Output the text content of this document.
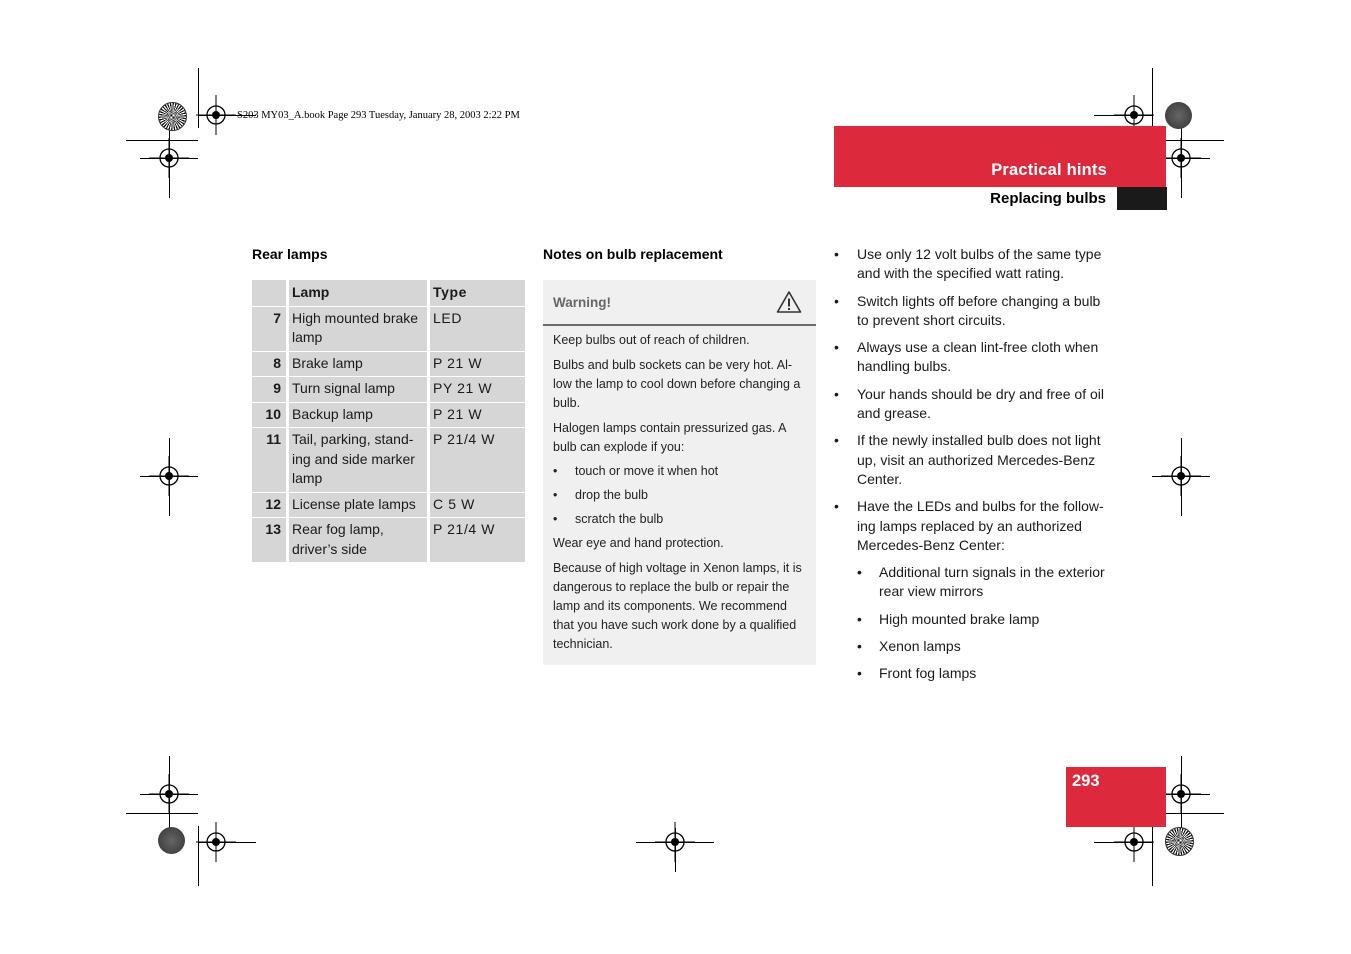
S203 MY03_A.book Page 293 Tuesday, January 28, 2003 2:22 PM
Practical hints
Replacing bulbs
Rear lamps
	Lamp	Type
7	High mounted brake lamp	LED
8	Brake lamp	P 21 W
9	Turn signal lamp	PY 21 W
10	Backup lamp	P 21 W
11	Tail, parking, stand-ing and side marker lamp	P 21/4 W
12	License plate lamps	C 5 W
13	Rear fog lamp, driver’s side	P 21/4 W
Notes on bulb replacement
Warning!

Keep bulbs out of reach of children.

Bulbs and bulb sockets can be very hot. Al-low the lamp to cool down before changing a bulb.

Halogen lamps contain pressurized gas. A bulb can explode if you:

• touch or move it when hot
• drop the bulb
• scratch the bulb

Wear eye and hand protection.

Because of high voltage in Xenon lamps, it is dangerous to replace the bulb or repair the lamp and its components. We recommend that you have such work done by a qualified technician.

• Use only 12 volt bulbs of the same type and with the specified watt rating.
• Switch lights off before changing a bulb to prevent short circuits.
• Always use a clean lint-free cloth when handling bulbs.
• Your hands should be dry and free of oil and grease.
• If the newly installed bulb does not light up, visit an authorized Mercedes-Benz Center.
• Have the LEDs and bulbs for the follow-ing lamps replaced by an authorized Mercedes-Benz Center:
• Additional turn signals in the exterior rear view mirrors
• High mounted brake lamp
• Xenon lamps
• Front fog lamps
293
